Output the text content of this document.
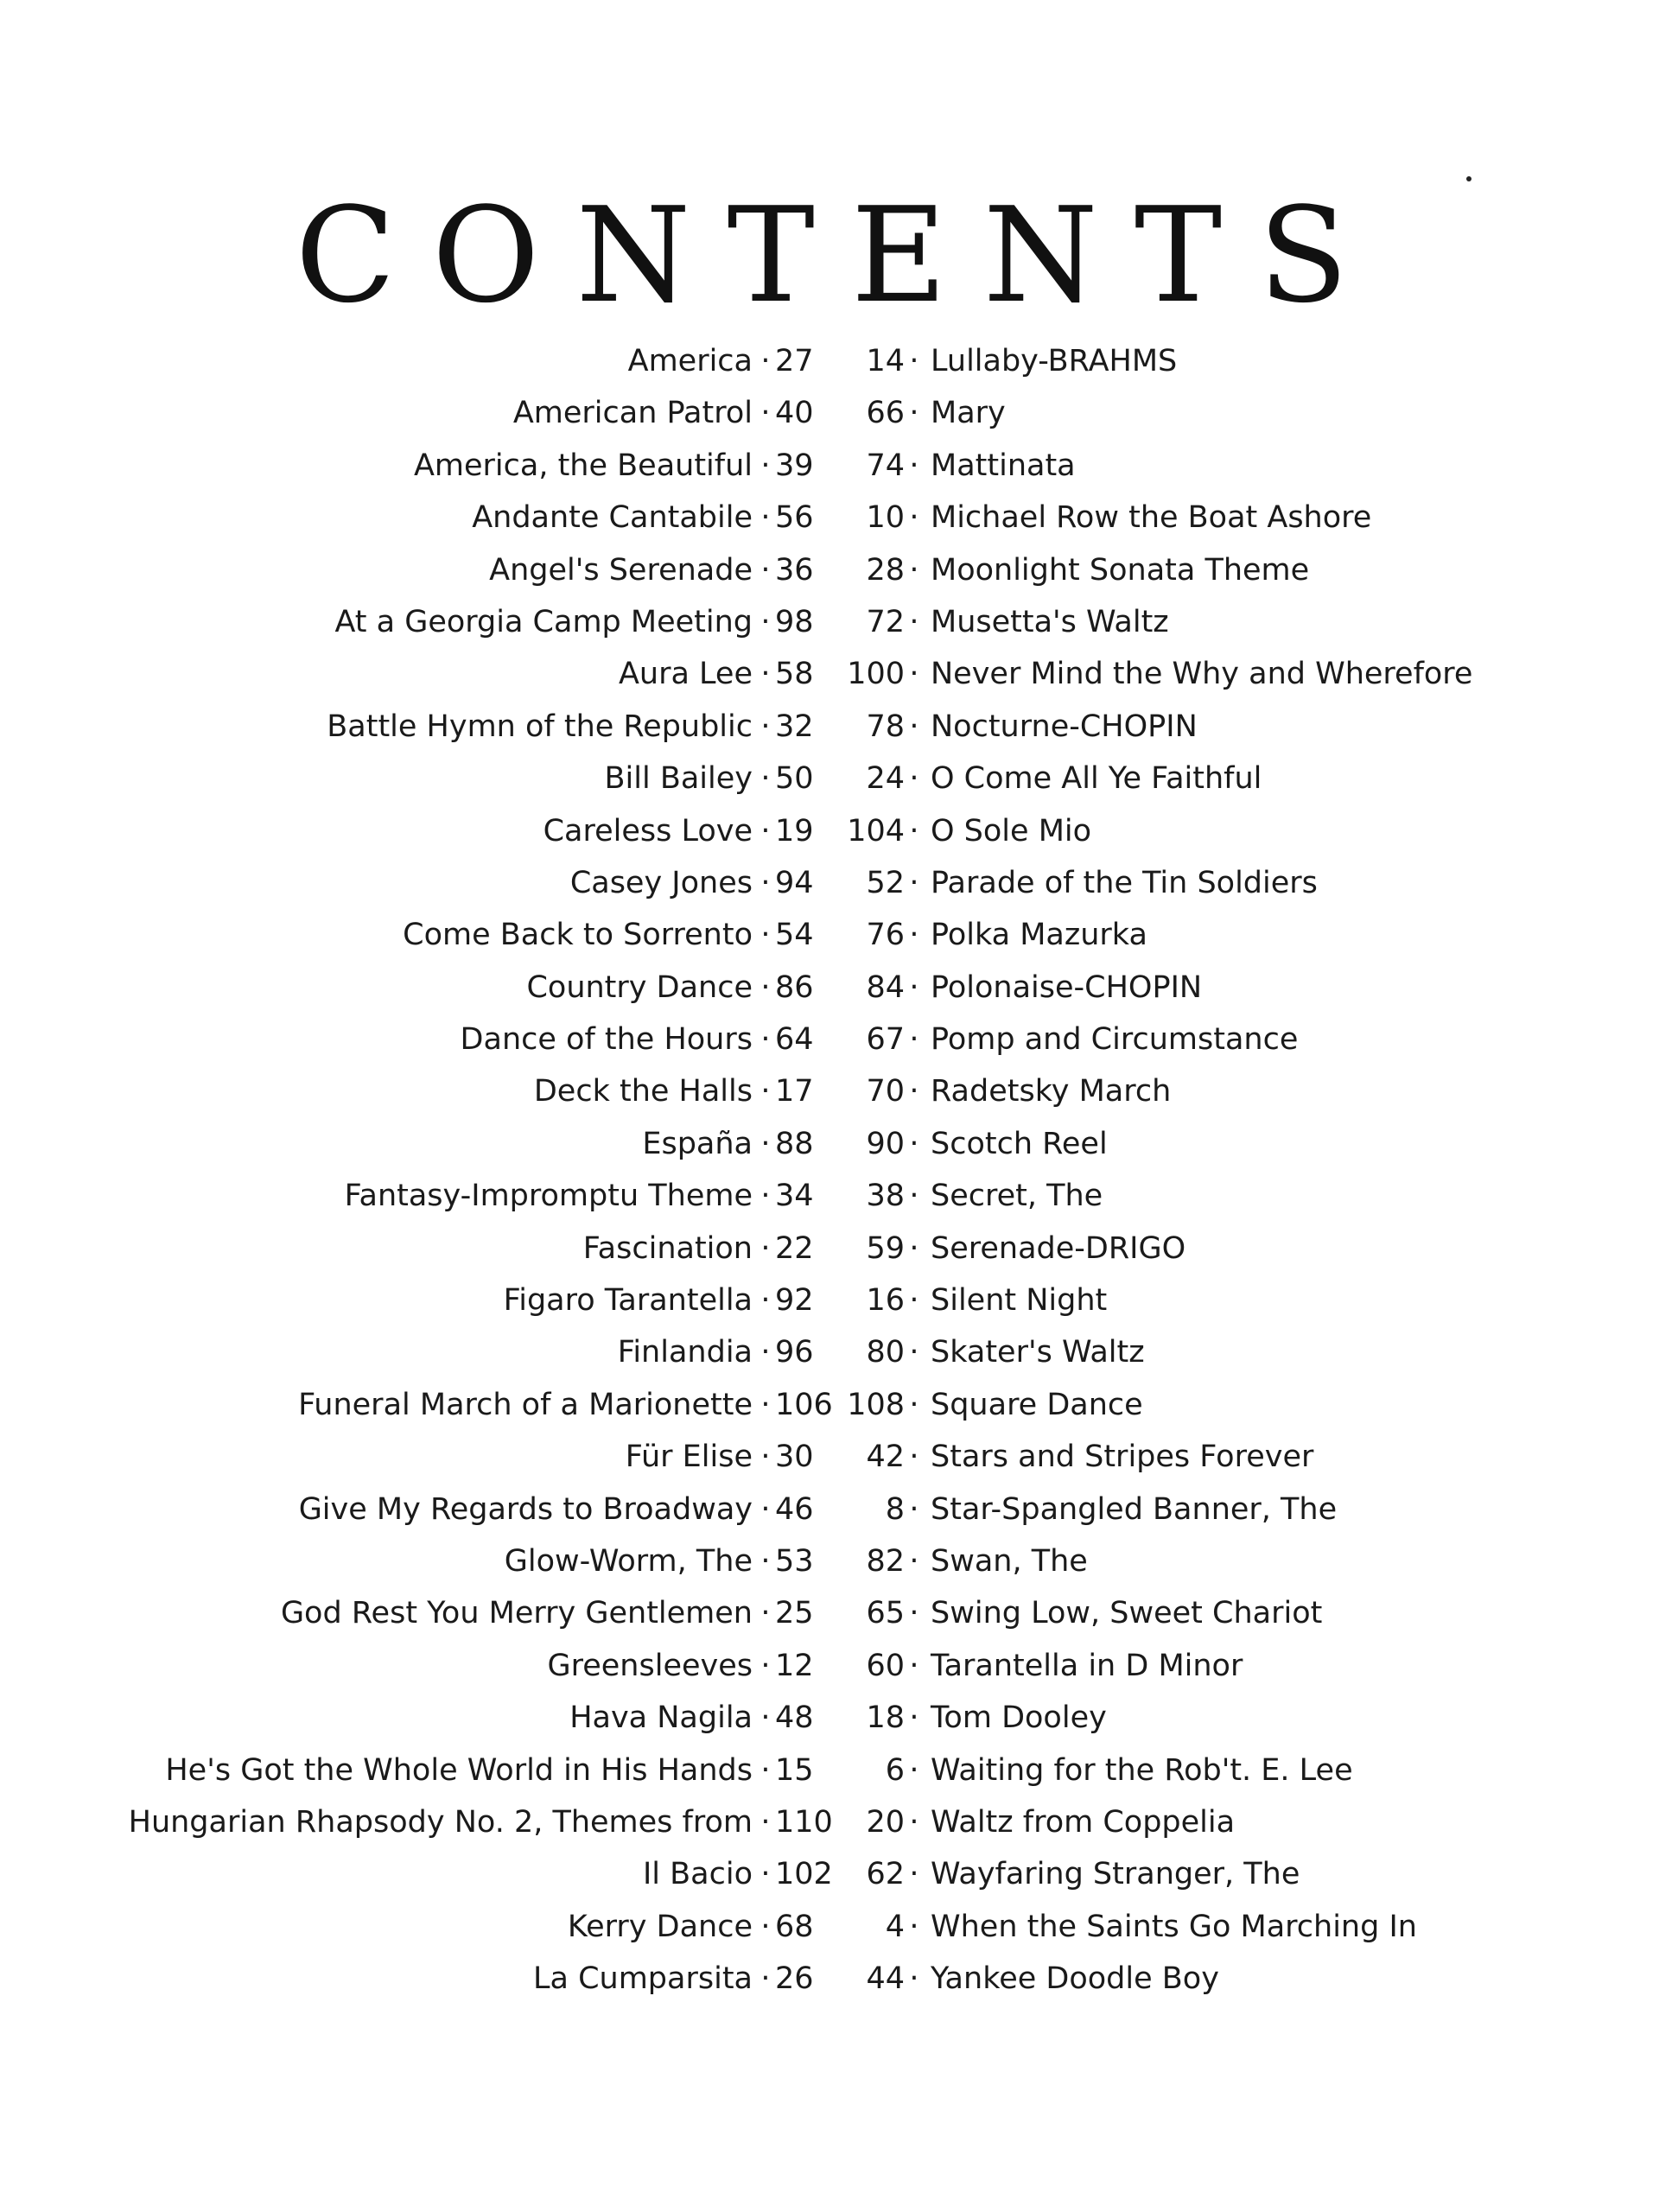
CONTENTS
America · 27 14 · Lullaby-BRAHMS
American Patrol · 40 66 · Mary
America, the Beautiful · 39 74 · Mattinata
Andante Cantabile · 56 10 · Michael Row the Boat Ashore
Angel's Serenade · 36 28 · Moonlight Sonata Theme
At a Georgia Camp Meeting · 98 72 · Musetta's Waltz
Aura Lee · 58 100 · Never Mind the Why and Wherefore
Battle Hymn of the Republic · 32 78 · Nocturne-CHOPIN
Bill Bailey · 50 24 · O Come All Ye Faithful
Careless Love · 19 104 · O Sole Mio
Casey Jones · 94 52 · Parade of the Tin Soldiers
Come Back to Sorrento · 54 76 · Polka Mazurka
Country Dance · 86 84 · Polonaise-CHOPIN
Dance of the Hours · 64 67 · Pomp and Circumstance
Deck the Halls · 17 70 · Radetsky March
España · 88 90 · Scotch Reel
Fantasy-Impromptu Theme · 34 38 · Secret, The
Fascination · 22 59 · Serenade-DRIGO
Figaro Tarantella · 92 16 · Silent Night
Finlandia · 96 80 · Skater's Waltz
Funeral March of a Marionette · 106 108 · Square Dance
Für Elise · 30 42 · Stars and Stripes Forever
Give My Regards to Broadway · 46 8 · Star-Spangled Banner, The
Glow-Worm, The · 53 82 · Swan, The
God Rest You Merry Gentlemen · 25 65 · Swing Low, Sweet Chariot
Greensleeves · 12 60 · Tarantella in D Minor
Hava Nagila · 48 18 · Tom Dooley
He's Got the Whole World in His Hands · 15 6 · Waiting for the Rob't. E. Lee
Hungarian Rhapsody No. 2, Themes from · 110 20 · Waltz from Coppelia
Il Bacio · 102 62 · Wayfaring Stranger, The
Kerry Dance · 68 4 · When the Saints Go Marching In
La Cumparsita · 26 44 · Yankee Doodle Boy
